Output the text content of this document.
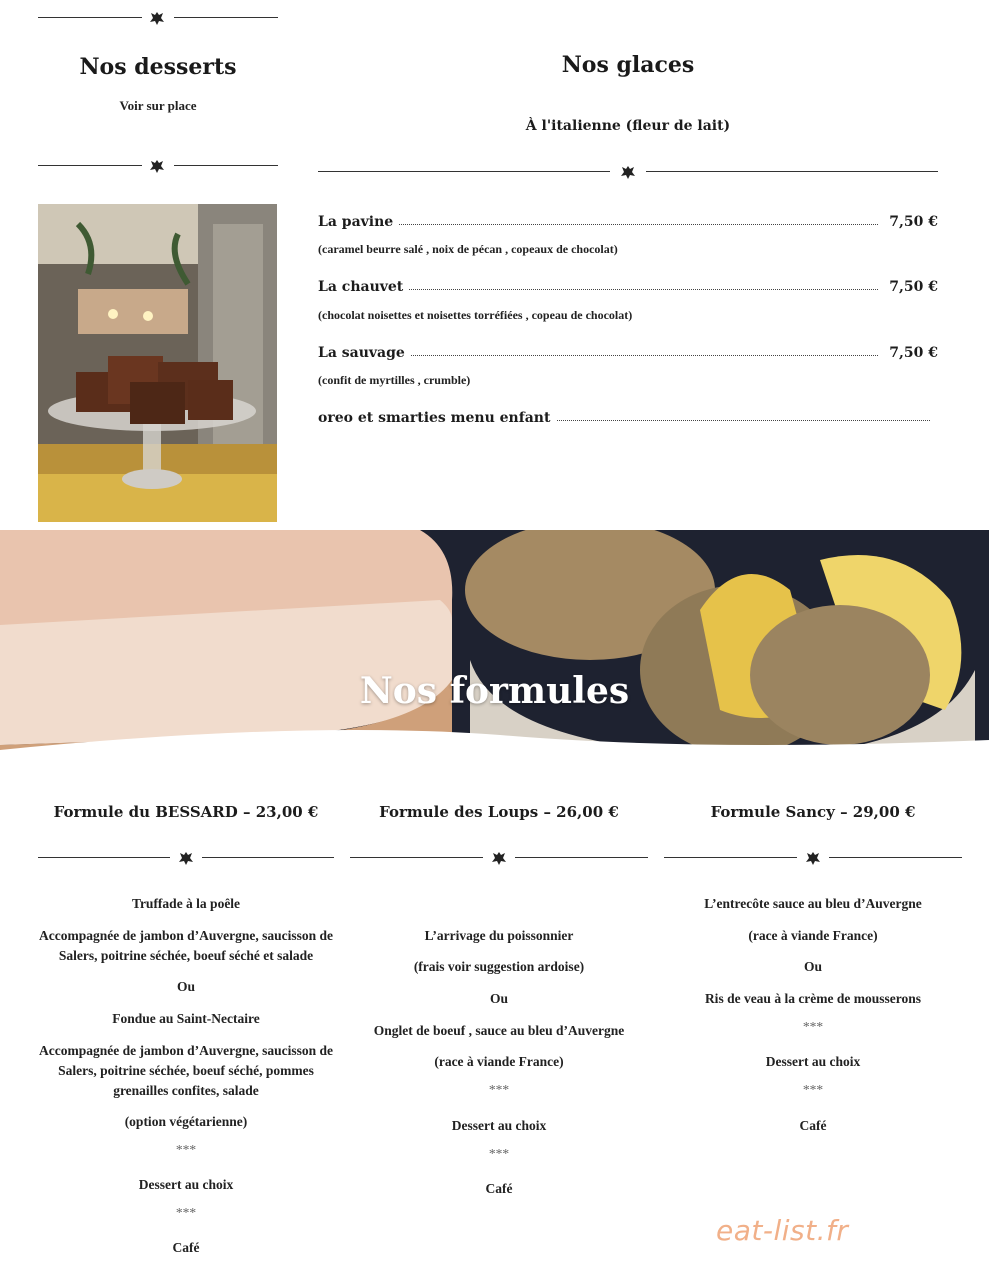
Nos desserts
Voir sur place
Nos glaces
À l'italienne (fleur de lait)
La pavine	7,50 €
(caramel beurre salé , noix de pécan , copeaux de chocolat)
La chauvet	7,50 €
(chocolat noisettes et noisettes torréfiées , copeau de chocolat)
La sauvage	7,50 €
(confit de myrtilles , crumble)
oreo et smarties menu enfant
Nos formules
Formule du BESSARD – 23,00 €	Formule des Loups – 26,00 €	Formule Sancy – 29,00 €
Truffade à la poêle
Accompagnée de jambon d’Auvergne, saucisson de Salers, poitrine séchée, boeuf séché et salade
Ou
Fondue au Saint-Nectaire
Accompagnée de jambon d’Auvergne, saucisson de Salers, poitrine séchée, boeuf séché, pommes grenailles confites, salade
(option végétarienne)
***
Dessert au choix
***
Café
L’arrivage du poissonnier
(frais voir suggestion ardoise)
Ou
Onglet de boeuf , sauce au bleu d’Auvergne
(race à viande France)
***
Dessert au choix
***
Café
L’entrecôte sauce au bleu d’Auvergne
(race à viande France)
Ou
Ris de veau à la crème de mousserons
***
Dessert au choix
***
Café
eat-list.fr
